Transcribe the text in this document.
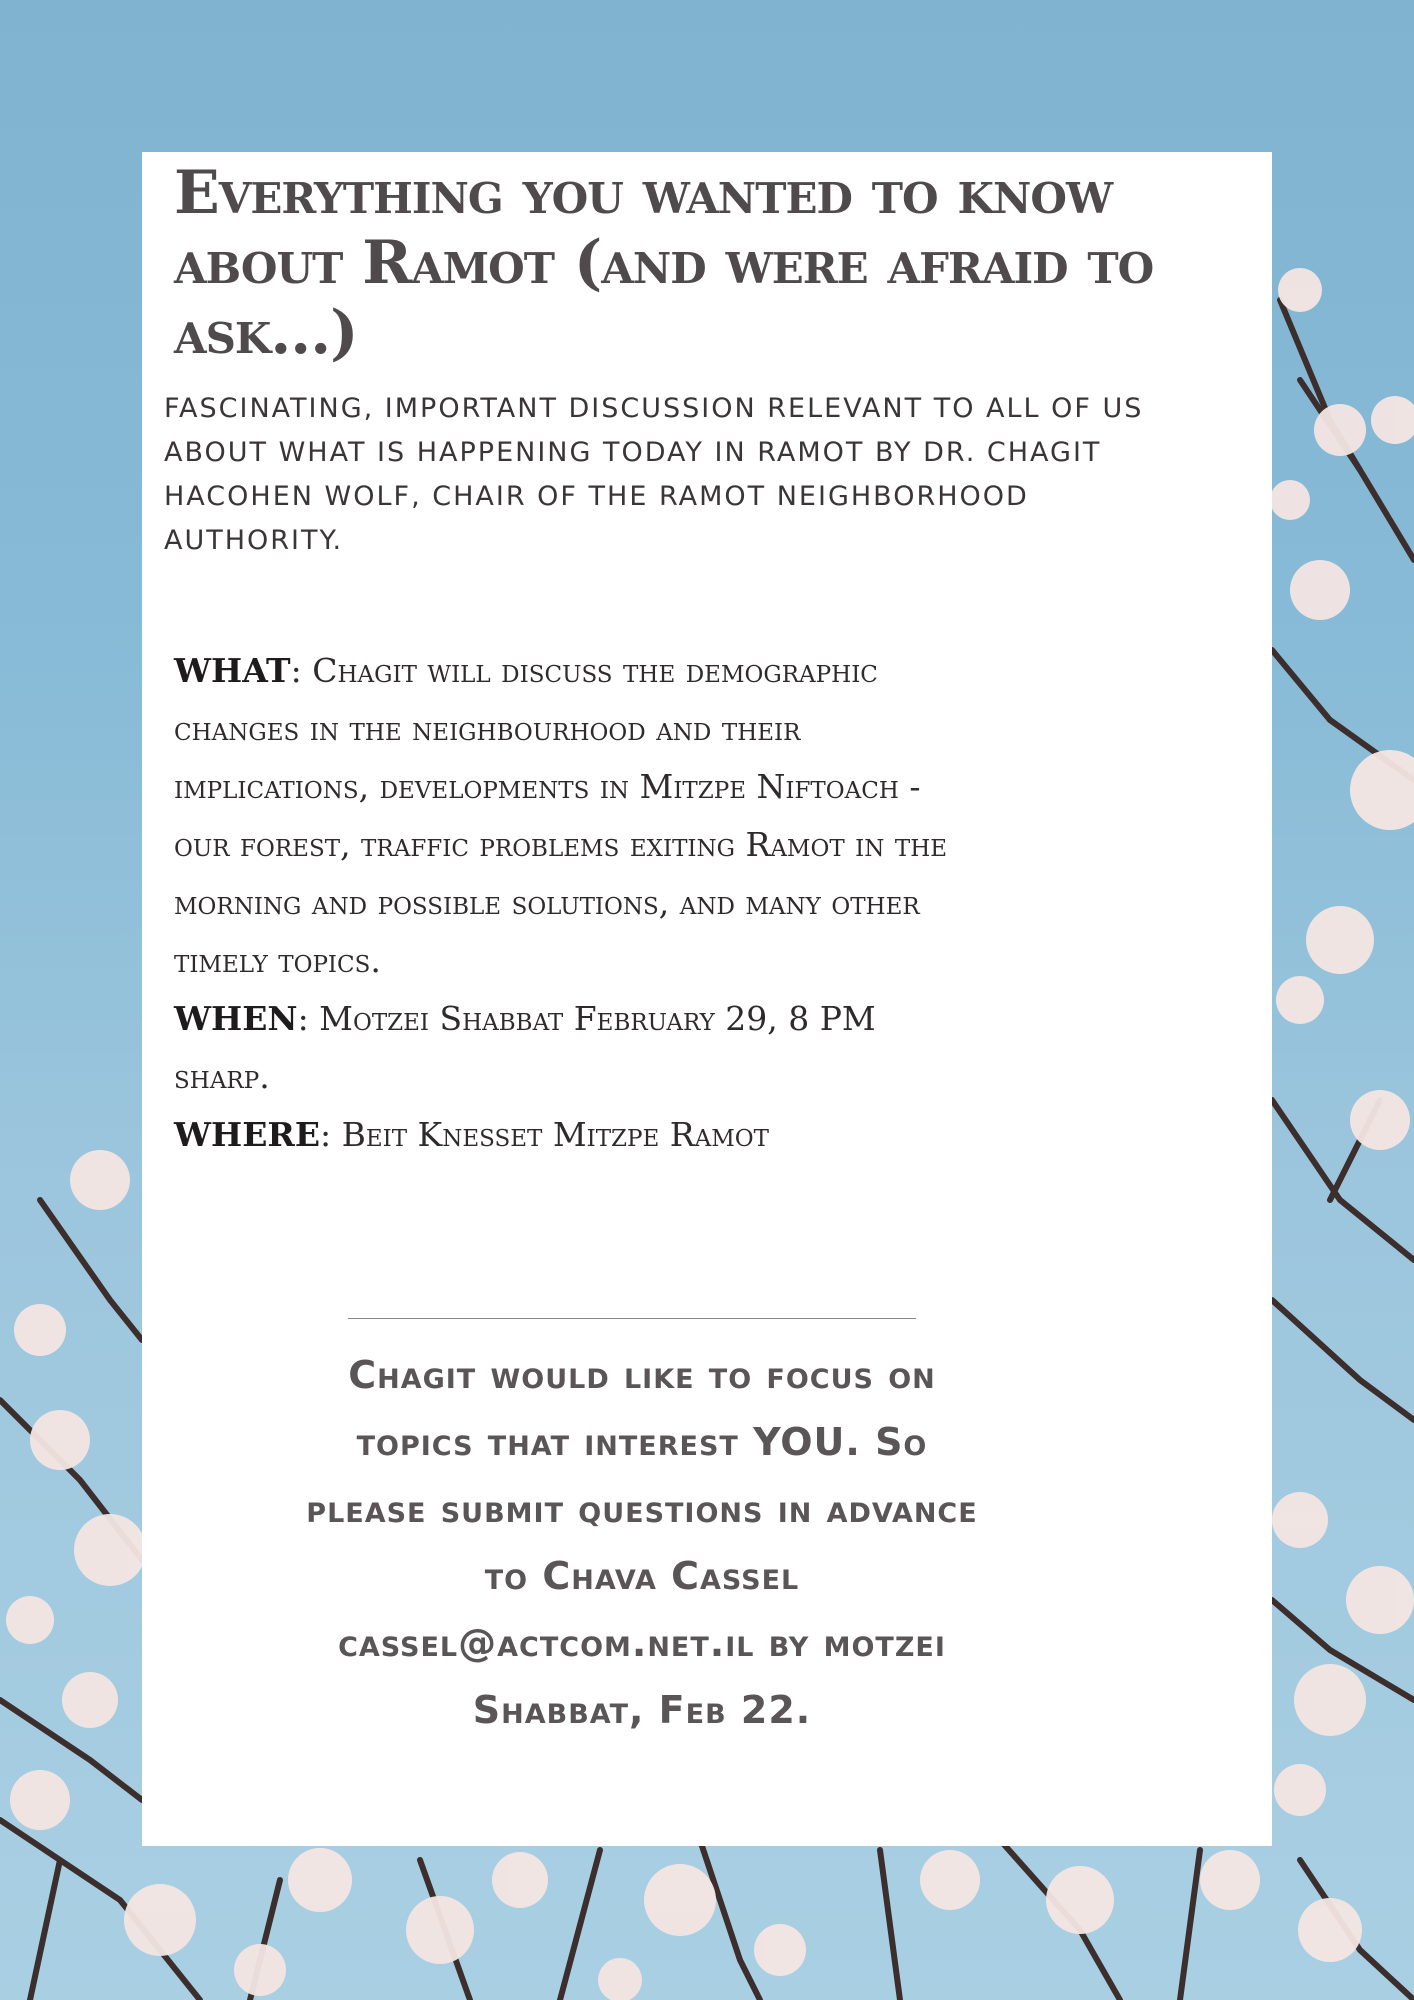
Everything you wanted to know about Ramot (and were afraid to ask...)

FASCINATING, IMPORTANT DISCUSSION RELEVANT TO ALL OF US ABOUT WHAT IS HAPPENING TODAY IN RAMOT BY DR. CHAGIT HACOHEN WOLF, CHAIR OF THE RAMOT NEIGHBORHOOD AUTHORITY.

WHAT: Chagit will discuss the demographic changes in the neighbourhood and their implications, developments in Mitzpe Niftoach - our forest, traffic problems exiting Ramot in the morning and possible solutions, and many other timely topics.
WHEN: Motzei Shabbat February 29, 8 PM sharp.
WHERE: Beit Knesset Mitzpe Ramot

Chagit would like to focus on topics that interest YOU. So please submit questions in advance to Chava Cassel cassel@actcom.net.il by motzei Shabbat, Feb 22.
